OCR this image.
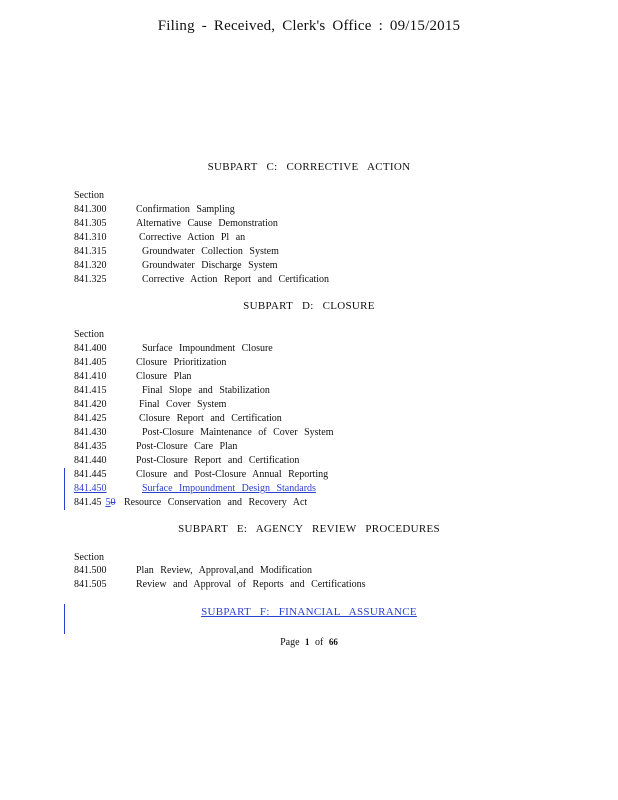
Filing - Received, Clerk's Office : 09/15/2015
SUBPART C: CORRECTIVE ACTION
Section
841.300	Confirmation Sampling
841.305	Alternative Cause Demonstration
841.310	Corrective Action Pl an
841.315	Groundwater Collection System
841.320	Groundwater Discharge System
841.325	Corrective Action Report and Certification
SUBPART D: CLOSURE
Section
841.400	Surface Impoundment Closure
841.405	Closure Prioritization
841.410	Closure Plan
841.415	Final Slope and Stabilization
841.420	Final Cover System
841.425	Closure Report and Certification
841.430	Post-Closure Maintenance of Cover System
841.435	Post-Closure Care Plan
841.440	Post-Closure Report and Certification
841.445	Closure and Post-Closure Annual Reporting
841.450	Surface Impoundment Design Standards
841.45 50 Resource Conservation and Recovery Act
SUBPART E: AGENCY REVIEW PROCEDURES
Section
841.500	Plan Review, Approval,and Modification
841.505	Review and Approval of Reports and Certifications
SUBPART F: FINANCIAL ASSURANCE
Page 1 of 66
